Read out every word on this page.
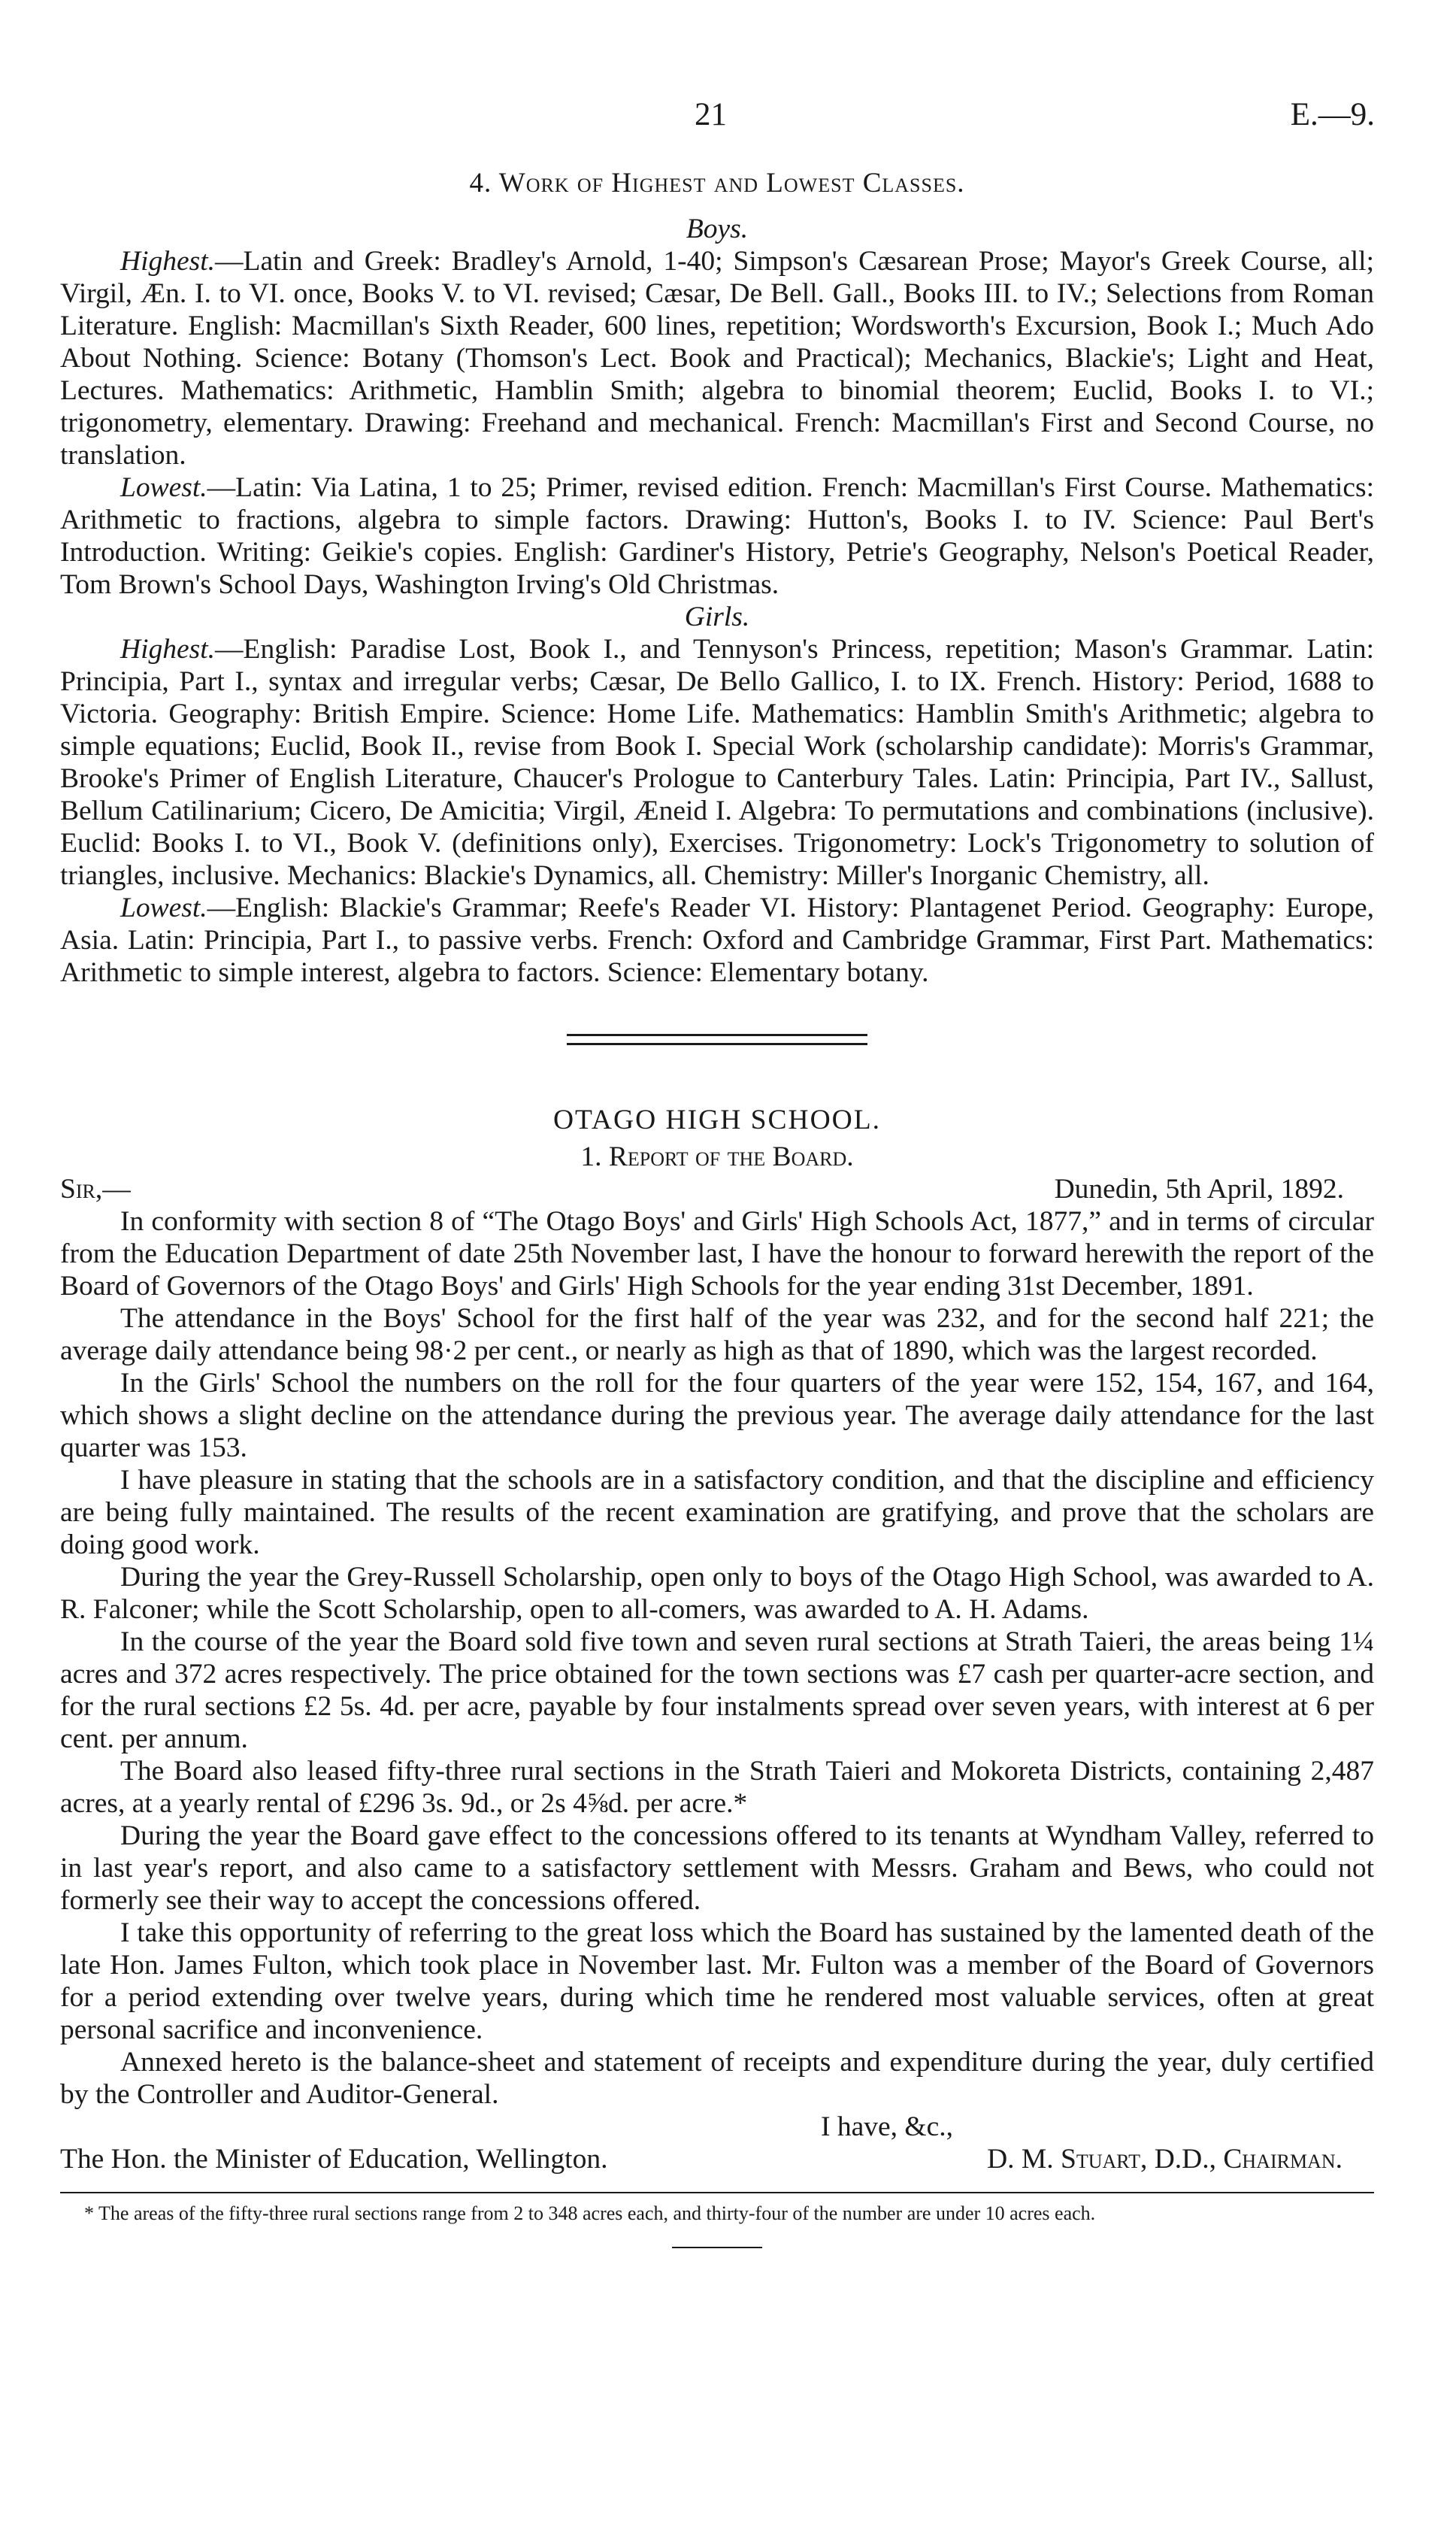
21	E.—9.
4. Work of Highest and Lowest Classes.
Boys.

Highest.—Latin and Greek: Bradley's Arnold, 1-40; Simpson's Cæsarean Prose; Mayor's Greek Course, all; Virgil, Æn. I. to VI. once, Books V. to VI. revised; Cæsar, De Bell. Gall., Books III. to IV.; Selections from Roman Literature. English: Macmillan's Sixth Reader, 600 lines, repetition; Wordsworth's Excursion, Book I.; Much Ado About Nothing. Science: Botany (Thomson's Lect. Book and Practical); Mechanics, Blackie's; Light and Heat, Lectures. Mathematics: Arithmetic, Hamblin Smith; algebra to binomial theorem; Euclid, Books I. to VI.; trigonometry, elementary. Drawing: Freehand and mechanical. French: Macmillan's First and Second Course, no translation.

Lowest.—Latin: Via Latina, 1 to 25; Primer, revised edition. French: Macmillan's First Course. Mathematics: Arithmetic to fractions, algebra to simple factors. Drawing: Hutton's, Books I. to IV. Science: Paul Bert's Introduction. Writing: Geikie's copies. English: Gardiner's History, Petrie's Geography, Nelson's Poetical Reader, Tom Brown's School Days, Washington Irving's Old Christmas.

Girls.

Highest.—English: Paradise Lost, Book I., and Tennyson's Princess, repetition; Mason's Grammar. Latin: Principia, Part I., syntax and irregular verbs; Cæsar, De Bello Gallico, I. to IX. French. History: Period, 1688 to Victoria. Geography: British Empire. Science: Home Life. Mathematics: Hamblin Smith's Arithmetic; algebra to simple equations; Euclid, Book II., revise from Book I. Special Work (scholarship candidate): Morris's Grammar, Brooke's Primer of English Literature, Chaucer's Prologue to Canterbury Tales. Latin: Principia, Part IV., Sallust, Bellum Catilinarium; Cicero, De Amicitia; Virgil, Æneid I. Algebra: To permutations and combinations (inclusive). Euclid: Books I. to VI., Book V. (definitions only), Exercises. Trigonometry: Lock's Trigonometry to solution of triangles, inclusive. Mechanics: Blackie's Dynamics, all. Chemistry: Miller's Inorganic Chemistry, all.

Lowest.—English: Blackie's Grammar; Reefe's Reader VI. History: Plantagenet Period. Geography: Europe, Asia. Latin: Principia, Part I., to passive verbs. French: Oxford and Cambridge Grammar, First Part. Mathematics: Arithmetic to simple interest, algebra to factors. Science: Elementary botany.

OTAGO HIGH SCHOOL.
1. Report of the Board.
Sir,—	Dunedin, 5th April, 1892.

In conformity with section 8 of “The Otago Boys' and Girls' High Schools Act, 1877,” and in terms of circular from the Education Department of date 25th November last, I have the honour to forward herewith the report of the Board of Governors of the Otago Boys' and Girls' High Schools for the year ending 31st December, 1891.

The attendance in the Boys' School for the first half of the year was 232, and for the second half 221; the average daily attendance being 98·2 per cent., or nearly as high as that of 1890, which was the largest recorded.

In the Girls' School the numbers on the roll for the four quarters of the year were 152, 154, 167, and 164, which shows a slight decline on the attendance during the previous year. The average daily attendance for the last quarter was 153.

I have pleasure in stating that the schools are in a satisfactory condition, and that the discipline and efficiency are being fully maintained. The results of the recent examination are gratifying, and prove that the scholars are doing good work.

During the year the Grey-Russell Scholarship, open only to boys of the Otago High School, was awarded to A. R. Falconer; while the Scott Scholarship, open to all-comers, was awarded to A. H. Adams.

In the course of the year the Board sold five town and seven rural sections at Strath Taieri, the areas being 1¼ acres and 372 acres respectively. The price obtained for the town sections was £7 cash per quarter-acre section, and for the rural sections £2 5s. 4d. per acre, payable by four instalments spread over seven years, with interest at 6 per cent. per annum.

The Board also leased fifty-three rural sections in the Strath Taieri and Mokoreta Districts, containing 2,487 acres, at a yearly rental of £296 3s. 9d., or 2s 4⅝d. per acre.*

During the year the Board gave effect to the concessions offered to its tenants at Wyndham Valley, referred to in last year's report, and also came to a satisfactory settlement with Messrs. Graham and Bews, who could not formerly see their way to accept the concessions offered.

I take this opportunity of referring to the great loss which the Board has sustained by the lamented death of the late Hon. James Fulton, which took place in November last. Mr. Fulton was a member of the Board of Governors for a period extending over twelve years, during which time he rendered most valuable services, often at great personal sacrifice and inconvenience.

Annexed hereto is the balance-sheet and statement of receipts and expenditure during the year, duly certified by the Controller and Auditor-General.

I have, &c.,
The Hon. the Minister of Education, Wellington.	D. M. Stuart, D.D., Chairman.

* The areas of the fifty-three rural sections range from 2 to 348 acres each, and thirty-four of the number are under 10 acres each.
